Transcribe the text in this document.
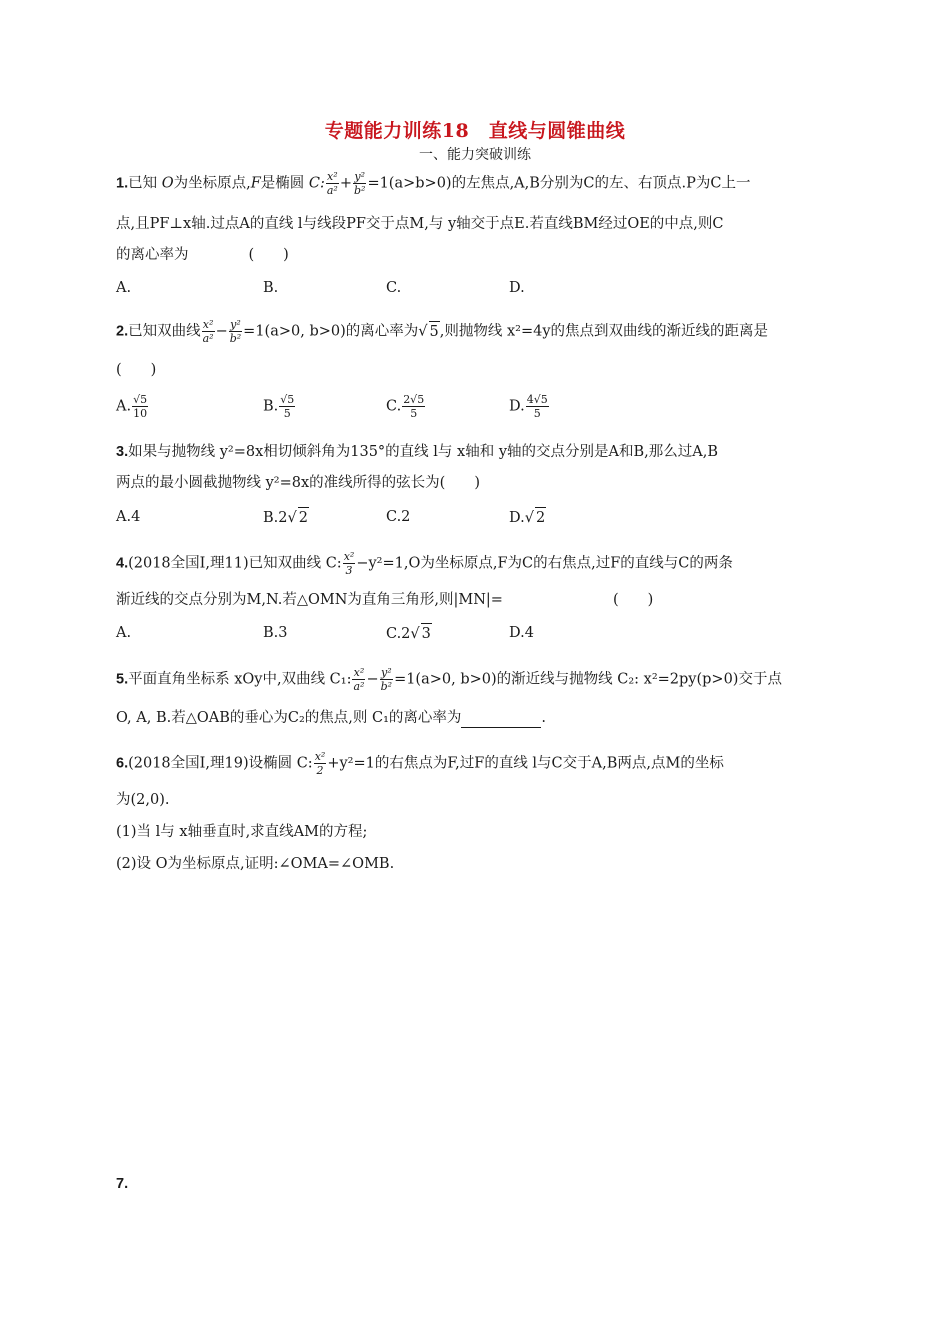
专题能力训练18　直线与圆锥曲线
一、能力突破训练
1.已知 O为坐标原点,F是椭圆 C: $\frac{\text{x²}}{\text{a²}} + \frac{\text{y²}}{\text{b²}} =1(a>b>0)$的左焦点,A,B分别为C的左、右顶点.P为C上一
点,且PF⊥x轴.过点A的直线 l与线段PF交于点M,与 y轴交于点E.若直线BM经过OE的中点,则C
的离心率为	(　　)
A.	B.	C.	D.
2.已知双曲线 $\frac{\text{x²}}{\text{a²}} - \frac{\text{y²}}{\text{b²}} =1(a>0$, b>0)的离心率为√ 5,则抛物线 x²=4y的焦点到双曲线的渐近线的距离是
(　　)
A. $\frac{√5}{10}$	B. $\frac{√5}{5}$	C. $\frac{2√5}{5}$	D. $\frac{4√5}{5}$
3.如果与抛物线 y²=8x相切倾斜角为135°的直线 l与 x轴和 y轴的交点分别是A和B,那么过A,B
两点的最小圆截抛物线 y²=8x的准线所得的弦长为(　　)
A.4	B.2√ 2	C.2	D.√ 2
4.(2018全国Ⅰ,理11)已知双曲线 C: $\frac{\text{x²}}{3} -y^2=1,O$为坐标原点,F为C的右焦点,过F的直线与C的两条
渐近线的交点分别为M,N.若△OMN为直角三角形,则|MN|=	(　　)
A.	B.3	C.2√ 3	D.4
5.平面直角坐标系 xOy中,双曲线 C₁: $\frac{\text{x²}}{\text{a²}} - \frac{\text{y²}}{\text{b²}} =1(a>0$, b>0)的渐近线与抛物线 C₂: x²=2py(p>0)交于点
O, A, B.若△OAB的垂心为C₂的焦点,则 C₁的离心率为	.
6.(2018全国Ⅰ,理19)设椭圆 C: $\frac{\text{x²}}{2} +y^2=1$的右焦点为F,过F的直线 l与C交于A,B两点,点M的坐标
为(2,0).
(1)当 l与 x轴垂直时,求直线AM的方程;
(2)设 O为坐标原点,证明:∠OMA=∠OMB.
7.
